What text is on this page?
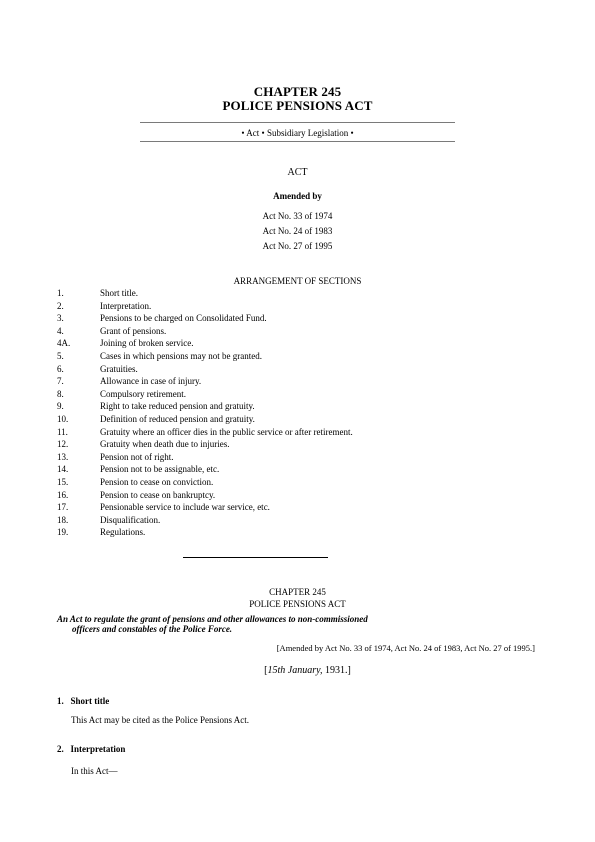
CHAPTER 245
POLICE PENSIONS ACT
• Act • Subsidiary Legislation •
ACT
Amended by
Act No. 33 of 1974
Act No. 24 of 1983
Act No. 27 of 1995
ARRANGEMENT OF SECTIONS
1.	Short title.
2.	Interpretation.
3.	Pensions to be charged on Consolidated Fund.
4.	Grant of pensions.
4A.	Joining of broken service.
5.	Cases in which pensions may not be granted.
6.	Gratuities.
7.	Allowance in case of injury.
8.	Compulsory retirement.
9.	Right to take reduced pension and gratuity.
10.	Definition of reduced pension and gratuity.
11.	Gratuity where an officer dies in the public service or after retirement.
12.	Gratuity when death due to injuries.
13.	Pension not of right.
14.	Pension not to be assignable, etc.
15.	Pension to cease on conviction.
16.	Pension to cease on bankruptcy.
17.	Pensionable service to include war service, etc.
18.	Disqualification.
19.	Regulations.
CHAPTER 245
POLICE PENSIONS ACT
An Act to regulate the grant of pensions and other allowances to non-commissioned
officers and constables of the Police Force.
[Amended by Act No. 33 of 1974, Act No. 24 of 1983, Act No. 27 of 1995.]
[15th January, 1931.]
1. Short title
This Act may be cited as the Police Pensions Act.
2. Interpretation
In this Act—
